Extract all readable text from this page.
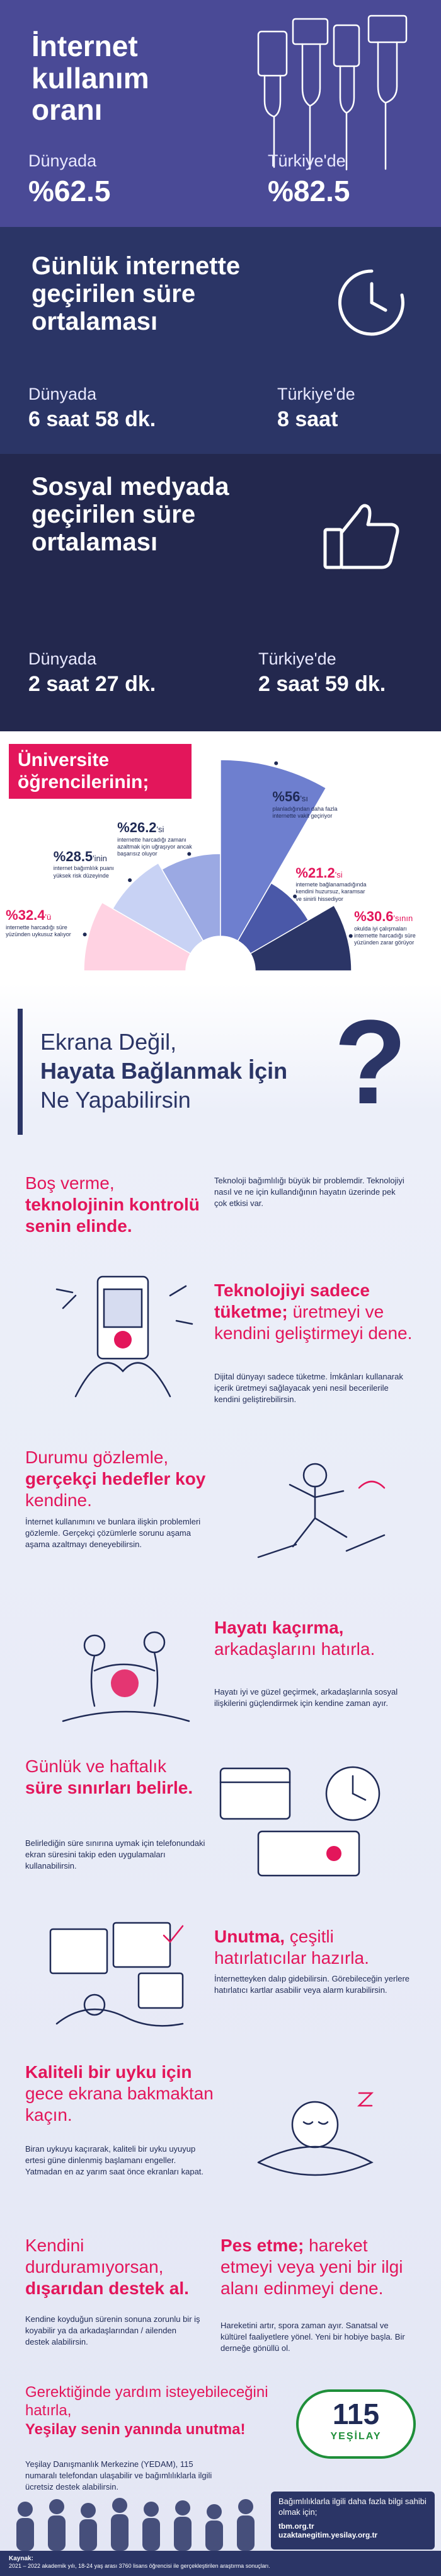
İnternet
kullanım
oranı
Dünyada
%62.5
Türkiye'de
%82.5
Günlük internette
geçirilen süre
ortalaması
Dünyada
6 saat 58 dk.
Türkiye'de
8 saat
Sosyal medyada
geçirilen süre
ortalaması
Dünyada
2 saat 27 dk.
Türkiye'de
2 saat 59 dk.
Üniversite
öğrencilerinin;
%32.4'ü
internette harcadığı süre yüzünden uykusuz kalıyor
%28.5'inin
internet bağımlılık puanı yüksek risk düzeyinde
%26.2'si
internette harcadığı zamanı azaltmak için uğraşıyor ancak başarısız oluyor
%56'sı
planladığından daha fazla internette vakit geçiriyor
%21.2'si
internete bağlanamadığında kendini huzursuz, karamsar ve sinirli hissediyor
%30.6'sının
okulda iyi çalışmaları internette harcadığı süre yüzünden zarar görüyor
Ekrana Değil,
Hayata Bağlanmak İçin
Ne Yapabilirsin	?
Boş verme,
teknolojinin kontrolü senin elinde.
Teknoloji bağımlılığı büyük bir problemdir. Teknolojiyi nasıl ve ne için kullandığının hayatın üzerinde pek çok etkisi var.
Teknolojiyi sadece tüketme; üretmeyi ve kendini geliştirmeyi dene.
Dijital dünyayı sadece tüketme. İmkânları kullanarak içerik üretmeyi sağlayacak yeni nesil becerilerile kendini geliştirebilirsin.
Durumu gözlemle,
gerçekçi hedefler koy kendine.
İnternet kullanımını ve bunlara ilişkin problemleri gözlemle. Gerçekçi çözümlerle sorunu aşama aşama azaltmayı deneyebilirsin.
Hayatı kaçırma, arkadaşlarını hatırla.
Hayatı iyi ve güzel geçirmek, arkadaşlarınla sosyal ilişkilerini güçlendirmek için kendine zaman ayır.
Günlük ve haftalık
süre sınırları belirle.
Belirlediğin süre sınırına uymak için telefonundaki ekran süresini takip eden uygulamaları kullanabilirsin.
Unutma, çeşitli hatırlatıcılar hazırla.
İnternetteyken dalıp gidebilirsin. Görebileceğin yerlere hatırlatıcı kartlar asabilir veya alarm kurabilirsin.
Kaliteli bir uyku için
gece ekrana bakmaktan kaçın.
Biran uykuyu kaçırarak, kaliteli bir uyku uyuyup ertesi güne dinlenmiş başlamanı engeller. Yatmadan en az yarım saat önce ekranları kapat.
Kendini durduramıyorsan,
dışarıdan destek al.
Kendine koyduğun sürenin sonuna zorunlu bir iş koyabilir ya da arkadaşlarından / ailenden destek alabilirsin.
Pes etme; hareket etmeyi veya yeni bir ilgi alanı edinmeyi dene.
Hareketini artır, spora zaman ayır. Sanatsal ve kültürel faaliyetlere yönel. Yeni bir hobiye başla. Bir derneğe gönüllü ol.
Gerektiğinde yardım isteyebileceğini hatırla,
Yeşilay senin yanında unutma!
Yeşilay Danışmanlık Merkezine (YEDAM), 115 numaralı telefondan ulaşabilir ve bağımlılıklarla ilgili ücretsiz destek alabilirsin.
115
YEŞİLAY
Bağımlılıklarla ilgili daha fazla bilgi sahibi olmak için;
tbm.org.tr
uzaktanegitim.yesilay.org.tr
Kaynak:
2021 – 2022 akademik yılı, 18-24 yaş arası 3760 lisans öğrencisi ile gerçekleştirilen araştırma sonuçları.
